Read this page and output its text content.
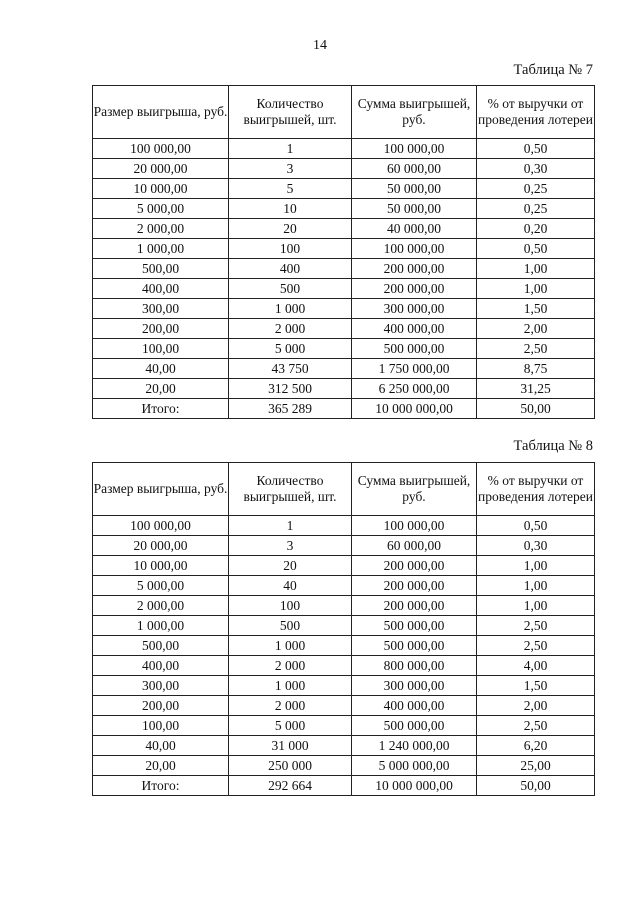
14
Таблица № 7
Размер выигрыша, руб.	Количество выигрышей, шт.	Сумма выигрышей, руб.	% от выручки от проведения лотереи
100 000,00	1	100 000,00	0,50
20 000,00	3	60 000,00	0,30
10 000,00	5	50 000,00	0,25
5 000,00	10	50 000,00	0,25
2 000,00	20	40 000,00	0,20
1 000,00	100	100 000,00	0,50
500,00	400	200 000,00	1,00
400,00	500	200 000,00	1,00
300,00	1 000	300 000,00	1,50
200,00	2 000	400 000,00	2,00
100,00	5 000	500 000,00	2,50
40,00	43 750	1 750 000,00	8,75
20,00	312 500	6 250 000,00	31,25
Итого:	365 289	10 000 000,00	50,00
Таблица № 8
Размер выигрыша, руб.	Количество выигрышей, шт.	Сумма выигрышей, руб.	% от выручки от проведения лотереи
100 000,00	1	100 000,00	0,50
20 000,00	3	60 000,00	0,30
10 000,00	20	200 000,00	1,00
5 000,00	40	200 000,00	1,00
2 000,00	100	200 000,00	1,00
1 000,00	500	500 000,00	2,50
500,00	1 000	500 000,00	2,50
400,00	2 000	800 000,00	4,00
300,00	1 000	300 000,00	1,50
200,00	2 000	400 000,00	2,00
100,00	5 000	500 000,00	2,50
40,00	31 000	1 240 000,00	6,20
20,00	250 000	5 000 000,00	25,00
Итого:	292 664	10 000 000,00	50,00
